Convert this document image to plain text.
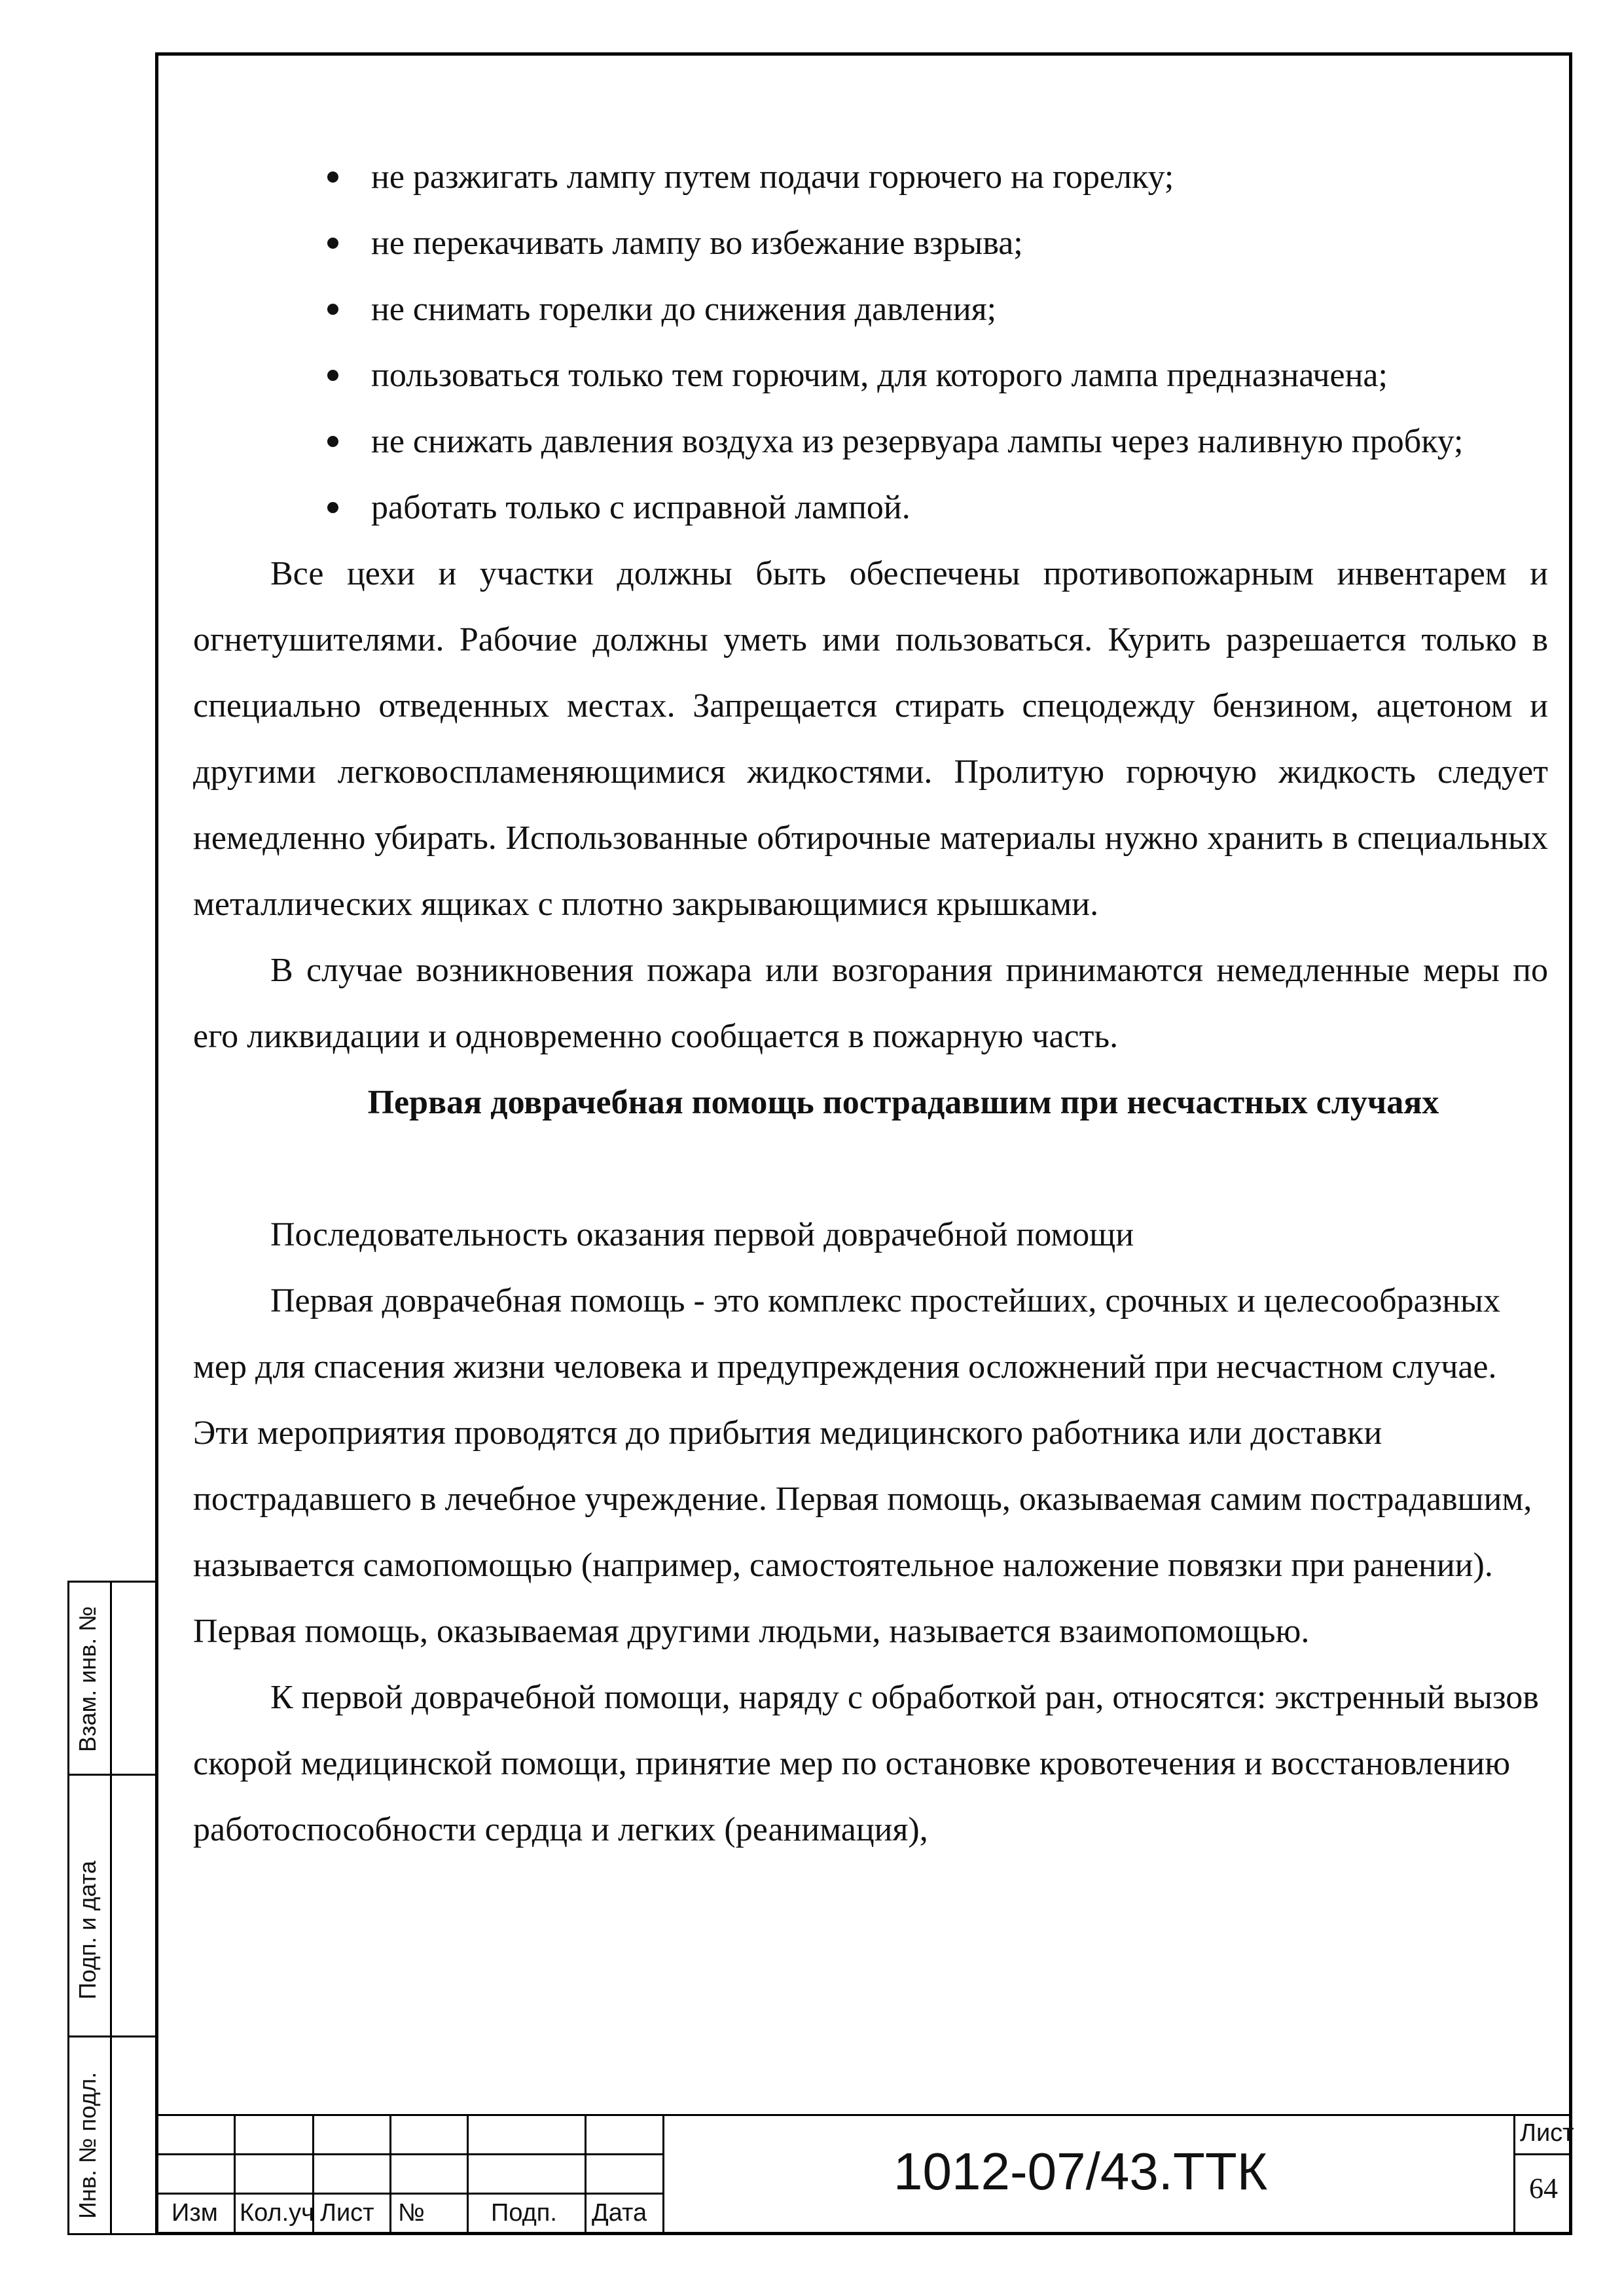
не разжигать лампу путем подачи горючего на горелку;
не перекачивать лампу во избежание взрыва;
не снимать горелки до снижения давления;
пользоваться только тем горючим, для которого лампа предназначена;
не снижать давления воздуха из резервуара лампы через наливную пробку;
работать только с исправной лампой.

Все цехи и участки должны быть обеспечены противопожарным инвентарем и огнетушителями. Рабочие должны уметь ими пользоваться. Курить разрешается только в специально отведенных местах. Запрещается стирать спецодежду бензином, ацетоном и другими легковоспламеняющимися жидкостями. Пролитую горючую жидкость следует немедленно убирать. Использованные обтирочные материалы нужно хранить в специальных металлических ящиках с плотно закрывающимися крышками.

В случае возникновения пожара или возгорания принимаются немедленные меры по его ликвидации и одновременно сообщается в пожарную часть.

Первая доврачебная помощь пострадавшим при несчастных случаях

Последовательность оказания первой доврачебной помощи

Первая доврачебная помощь - это комплекс простейших, срочных и целесообразных мер для спасения жизни человека и предупреждения осложнений при несчастном случае. Эти мероприятия проводятся до прибытия медицинского работника или доставки пострадавшего в лечебное учреждение. Первая помощь, оказываемая самим пострадавшим, называется самопомощью (например, самостоятельное наложение повязки при ранении). Первая помощь, оказываемая другими людьми, называется взаимопомощью.

К первой доврачебной помощи, наряду с обработкой ран, относятся: экстренный вызов скорой медицинской помощи, принятие мер по остановке кровотечения и восстановлению работоспособности сердца и легких (реанимация),

Взам. инв. №
Подп. и дата
Инв. № подл.	Изм Кол.уч Лист №	Подп. Дата
1012-07/43.ТТК
Лист
64
